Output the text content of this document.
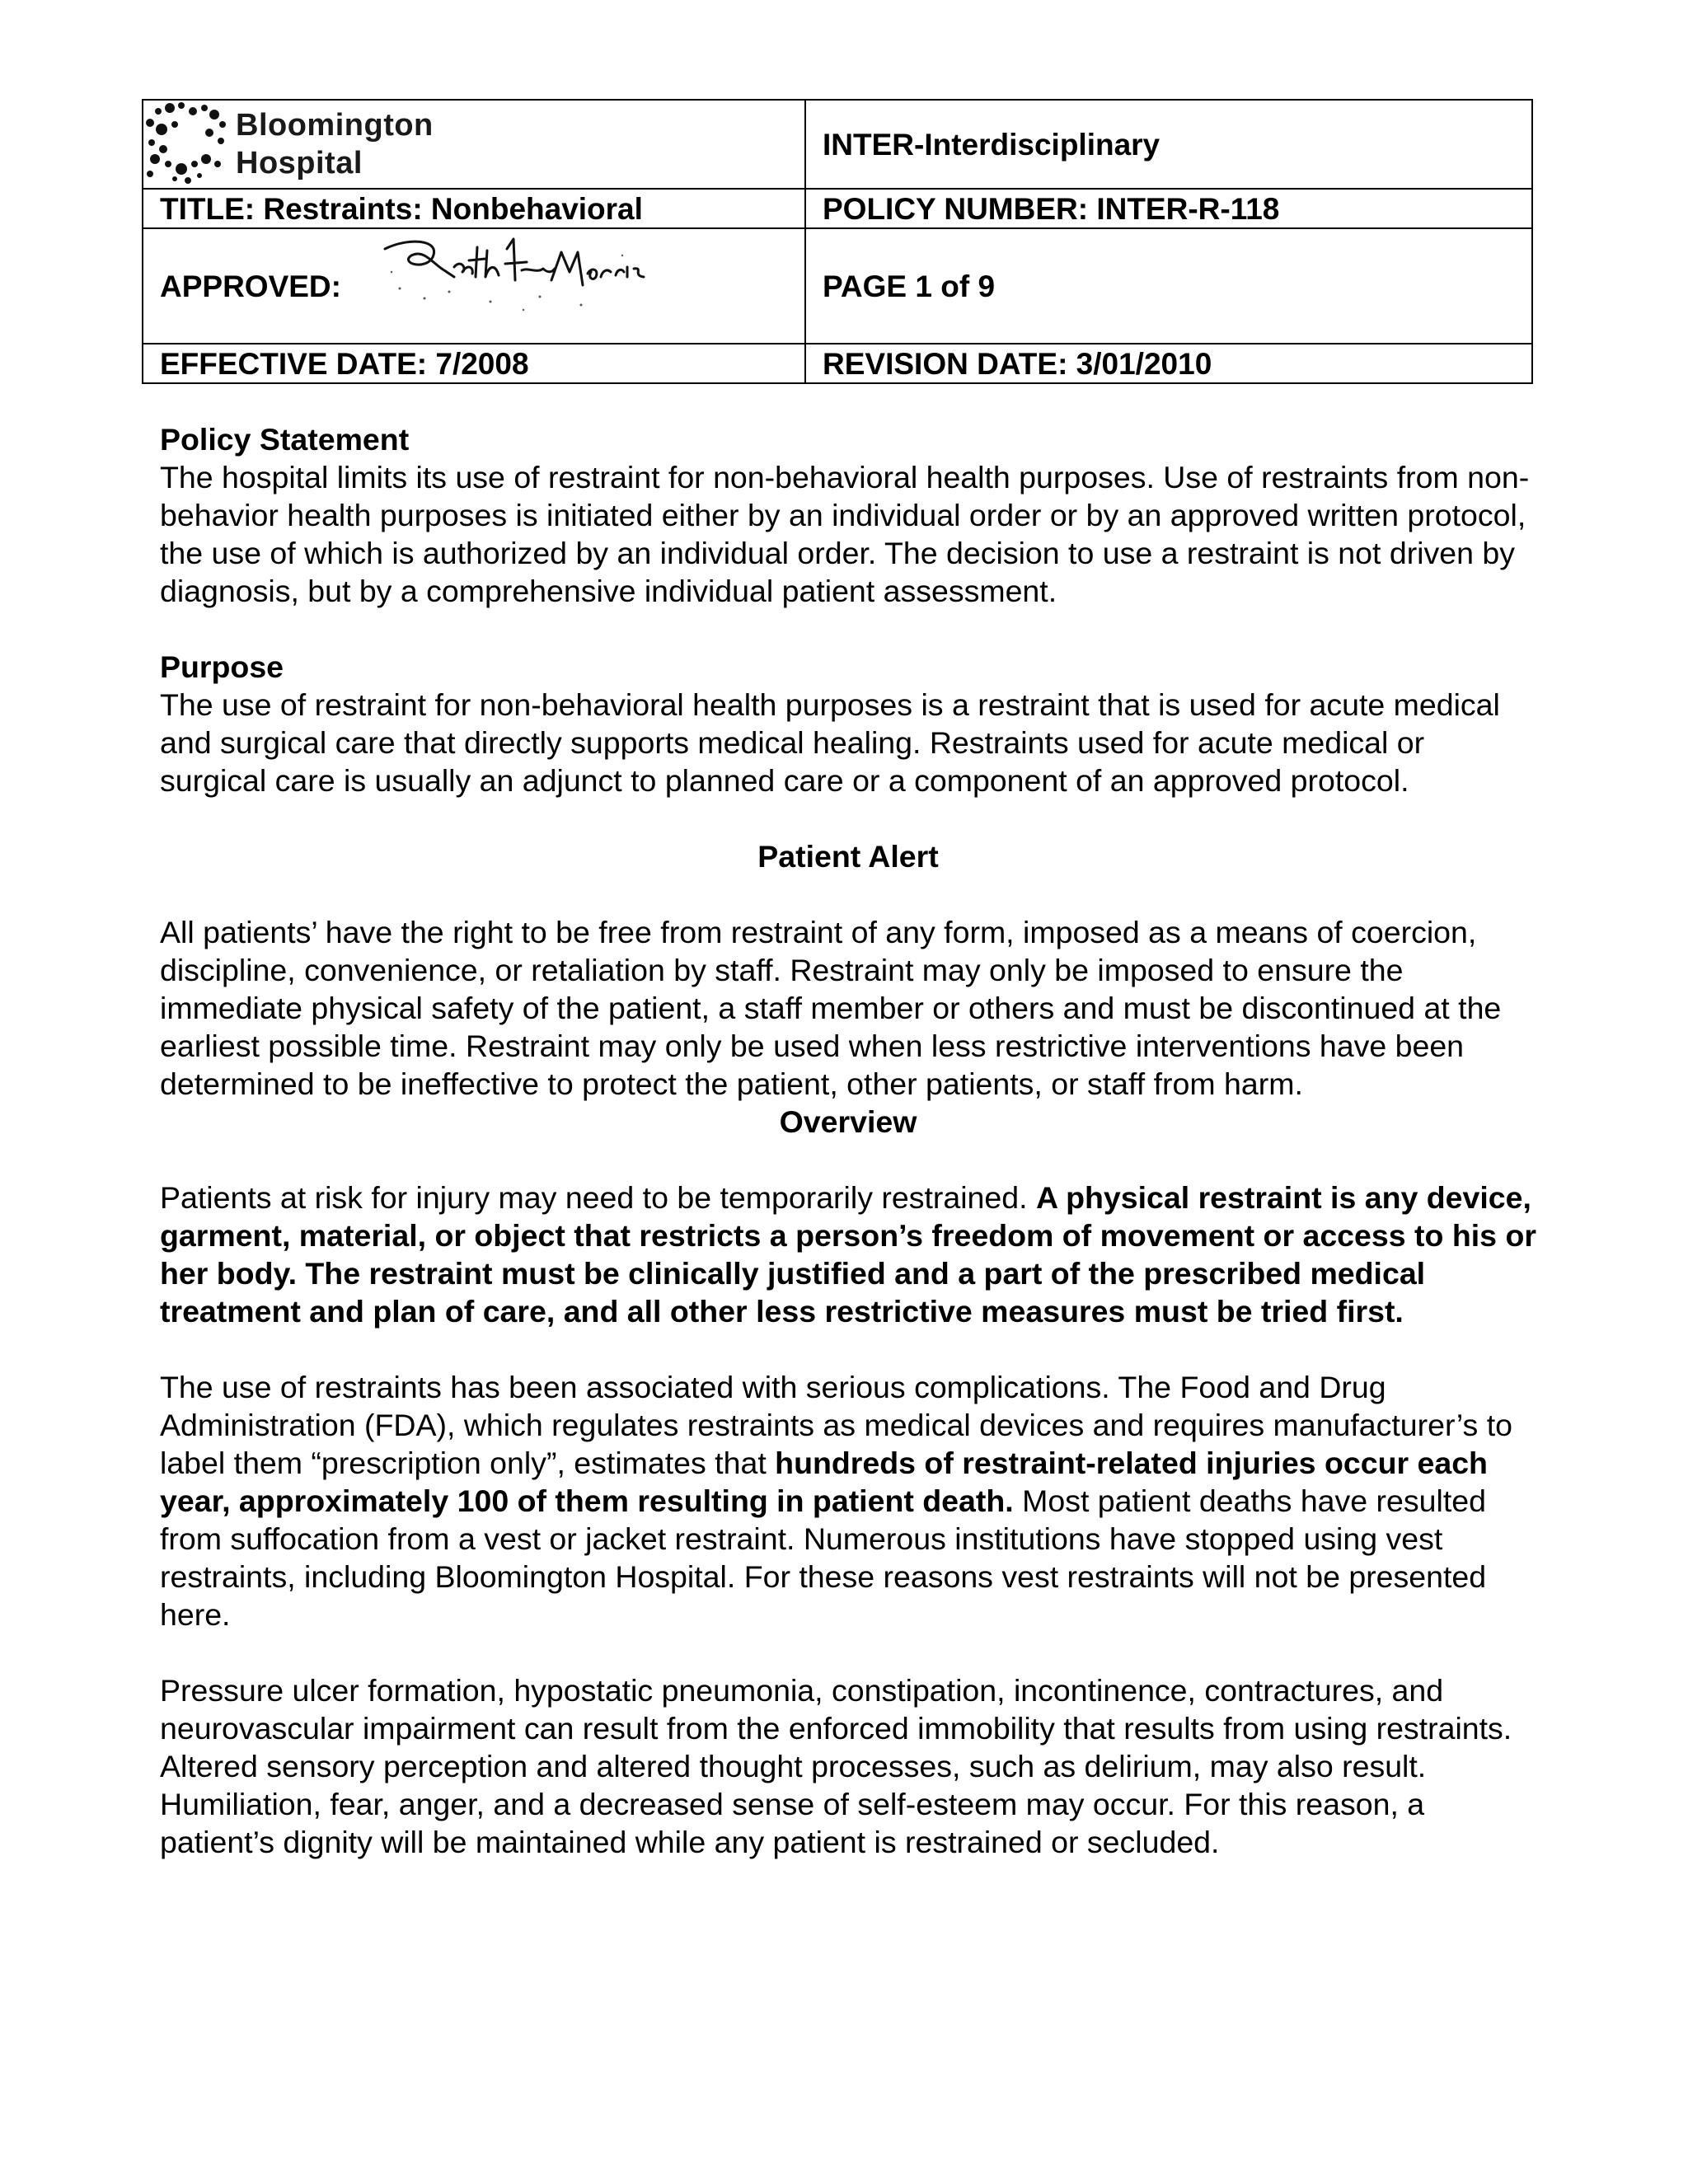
Bloomington
Hospital	INTER-Interdisciplinary
TITLE: Restraints: Nonbehavioral	POLICY NUMBER: INTER-R-118
APPROVED:	PAGE 1 of 9
EFFECTIVE DATE: 7/2008	REVISION DATE: 3/01/2010

Policy Statement

The hospital limits its use of restraint for non-behavioral health purposes. Use of restraints from non-behavior health purposes is initiated either by an individual order or by an approved written protocol, the use of which is authorized by an individual order. The decision to use a restraint is not driven by diagnosis, but by a comprehensive individual patient assessment.

Purpose

The use of restraint for non-behavioral health purposes is a restraint that is used for acute medical and surgical care that directly supports medical healing. Restraints used for acute medical or surgical care is usually an adjunct to planned care or a component of an approved protocol.

Patient Alert

All patients’ have the right to be free from restraint of any form, imposed as a means of coercion, discipline, convenience, or retaliation by staff. Restraint may only be imposed to ensure the immediate physical safety of the patient, a staff member or others and must be discontinued at the earliest possible time. Restraint may only be used when less restrictive interventions have been determined to be ineffective to protect the patient, other patients, or staff from harm.

Overview

Patients at risk for injury may need to be temporarily restrained. A physical restraint is any device, garment, material, or object that restricts a person’s freedom of movement or access to his or her body. The restraint must be clinically justified and a part of the prescribed medical treatment and plan of care, and all other less restrictive measures must be tried first.

The use of restraints has been associated with serious complications. The Food and Drug Administration (FDA), which regulates restraints as medical devices and requires manufacturer’s to label them “prescription only”, estimates that hundreds of restraint-related injuries occur each year, approximately 100 of them resulting in patient death. Most patient deaths have resulted from suffocation from a vest or jacket restraint. Numerous institutions have stopped using vest restraints, including Bloomington Hospital. For these reasons vest restraints will not be presented here.

Pressure ulcer formation, hypostatic pneumonia, constipation, incontinence, contractures, and neurovascular impairment can result from the enforced immobility that results from using restraints. Altered sensory perception and altered thought processes, such as delirium, may also result. Humiliation, fear, anger, and a decreased sense of self-esteem may occur. For this reason, a patient’s dignity will be maintained while any patient is restrained or secluded.
